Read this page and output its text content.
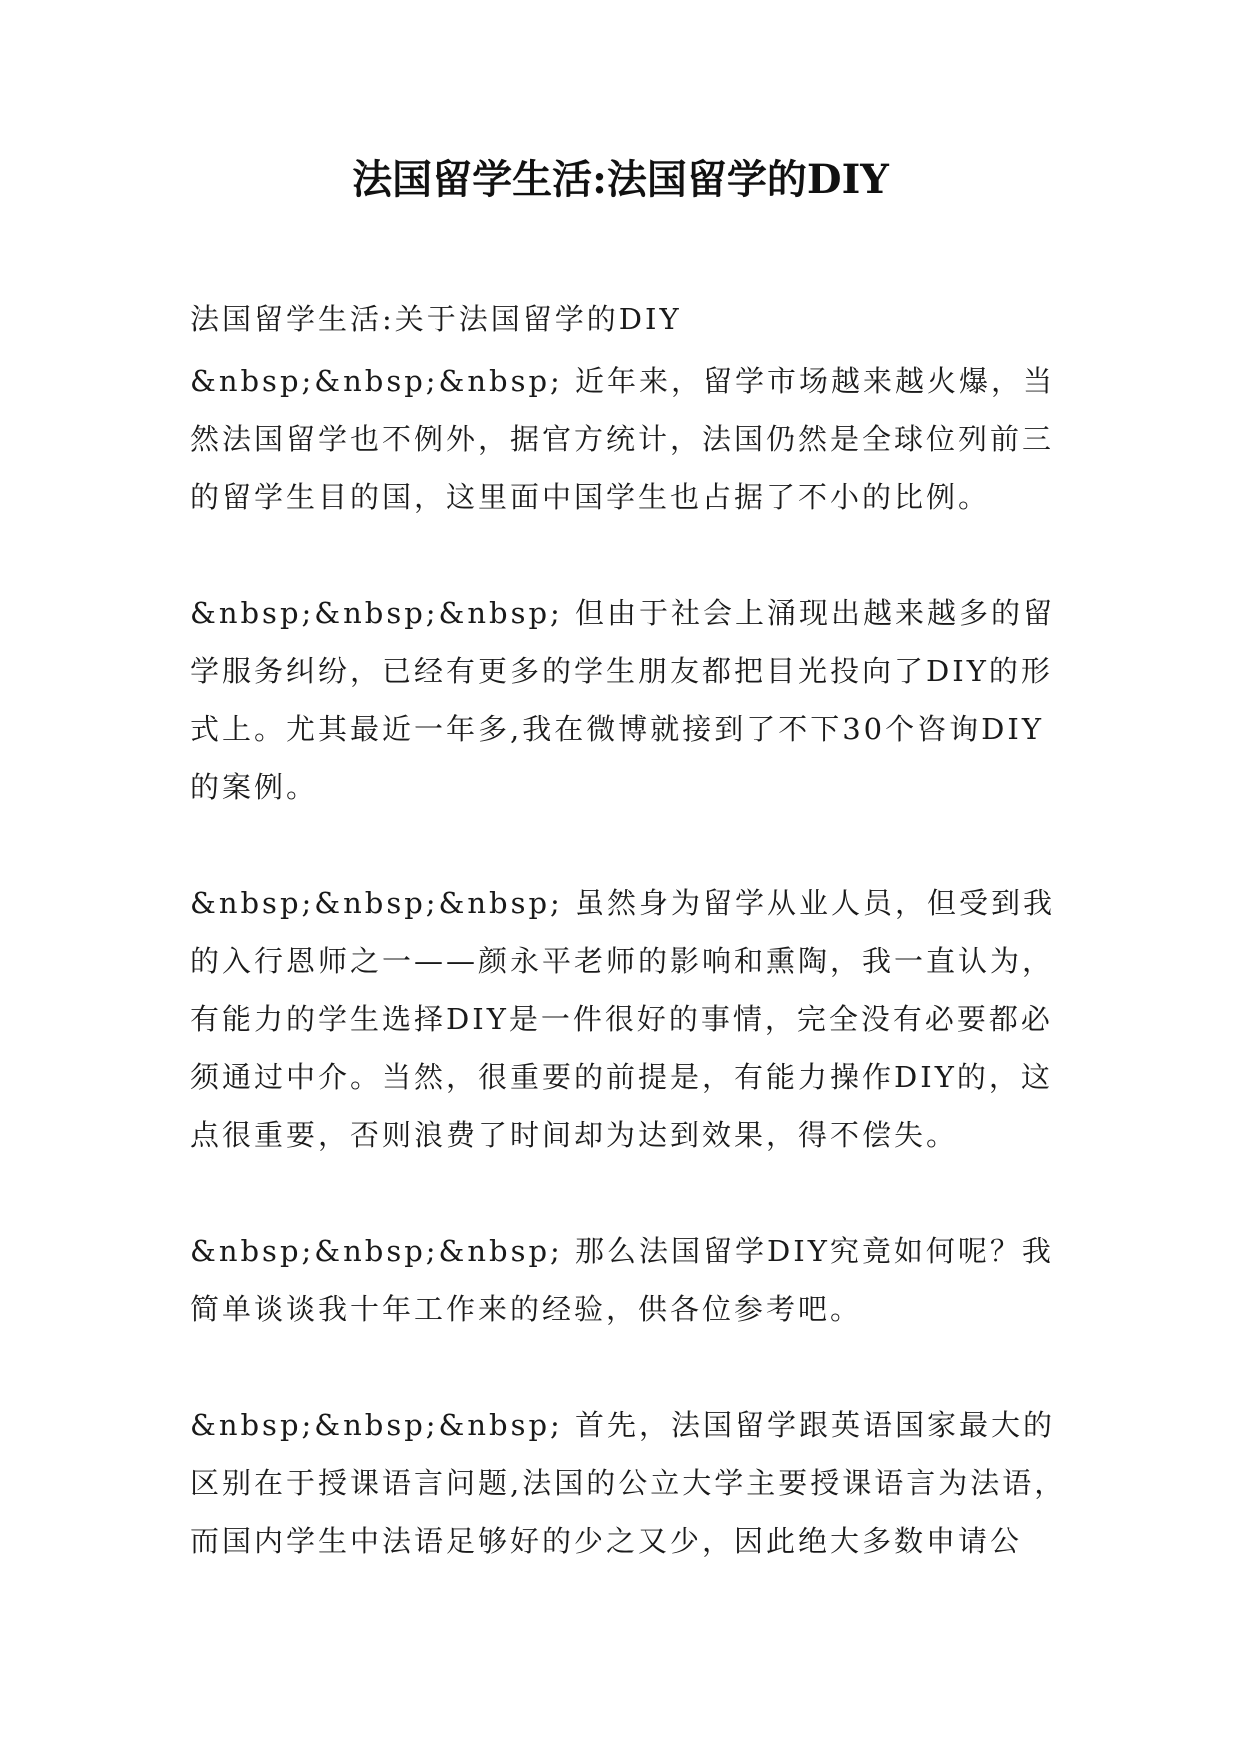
法国留学生活:法国留学的DIY

法国留学生活:关于法国留学的DIY

&nbsp;&nbsp;&nbsp; 近年来，留学市场越来越火爆，当然法国留学也不例外，据官方统计，法国仍然是全球位列前三的留学生目的国，这里面中国学生也占据了不小的比例。

&nbsp;&nbsp;&nbsp; 但由于社会上涌现出越来越多的留学服务纠纷，已经有更多的学生朋友都把目光投向了DIY的形式上。尤其最近一年多,我在微博就接到了不下30个咨询DIY的案例。

&nbsp;&nbsp;&nbsp; 虽然身为留学从业人员，但受到我的入行恩师之一——颜永平老师的影响和熏陶，我一直认为，有能力的学生选择DIY是一件很好的事情，完全没有必要都必须通过中介。当然，很重要的前提是，有能力操作DIY的，这点很重要，否则浪费了时间却为达到效果，得不偿失。

&nbsp;&nbsp;&nbsp; 那么法国留学DIY究竟如何呢？我简单谈谈我十年工作来的经验，供各位参考吧。

&nbsp;&nbsp;&nbsp; 首先，法国留学跟英语国家最大的区别在于授课语言问题,法国的公立大学主要授课语言为法语，而国内学生中法语足够好的少之又少，因此绝大多数申请公
